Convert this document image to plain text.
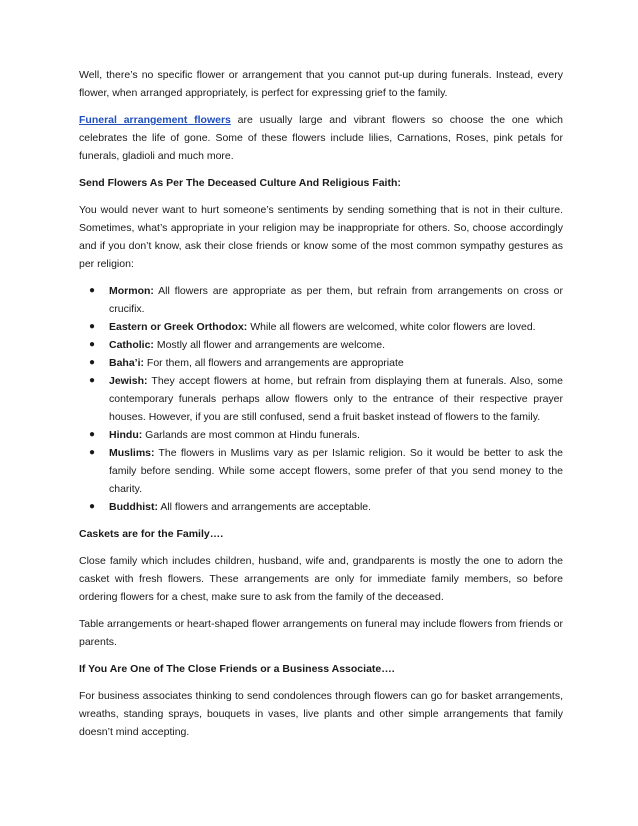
Well, there’s no specific flower or arrangement that you cannot put-up during funerals. Instead, every flower, when arranged appropriately, is perfect for expressing grief to the family.

Funeral arrangement flowers are usually large and vibrant flowers so choose the one which celebrates the life of gone. Some of these flowers include lilies, Carnations, Roses, pink petals for funerals, gladioli and much more.

Send Flowers As Per The Deceased Culture And Religious Faith:

You would never want to hurt someone’s sentiments by sending something that is not in their culture. Sometimes, what’s appropriate in your religion may be inappropriate for others. So, choose accordingly and if you don’t know, ask their close friends or know some of the most common sympathy gestures as per religion:

● Mormon: All flowers are appropriate as per them, but refrain from arrangements on cross or crucifix.
● Eastern or Greek Orthodox: While all flowers are welcomed, white color flowers are loved.
● Catholic: Mostly all flower and arrangements are welcome.
● Baha’i: For them, all flowers and arrangements are appropriate
● Jewish: They accept flowers at home, but refrain from displaying them at funerals. Also, some contemporary funerals perhaps allow flowers only to the entrance of their respective prayer houses. However, if you are still confused, send a fruit basket instead of flowers to the family.
● Hindu: Garlands are most common at Hindu funerals.
● Muslims: The flowers in Muslims vary as per Islamic religion. So it would be better to ask the family before sending. While some accept flowers, some prefer of that you send money to the charity.
● Buddhist: All flowers and arrangements are acceptable.

Caskets are for the Family….

Close family which includes children, husband, wife and, grandparents is mostly the one to adorn the casket with fresh flowers. These arrangements are only for immediate family members, so before ordering flowers for a chest, make sure to ask from the family of the deceased.

Table arrangements or heart-shaped flower arrangements on funeral may include flowers from friends or parents.

If You Are One of The Close Friends or a Business Associate….

For business associates thinking to send condolences through flowers can go for basket arrangements, wreaths, standing sprays, bouquets in vases, live plants and other simple arrangements that family doesn’t mind accepting.
